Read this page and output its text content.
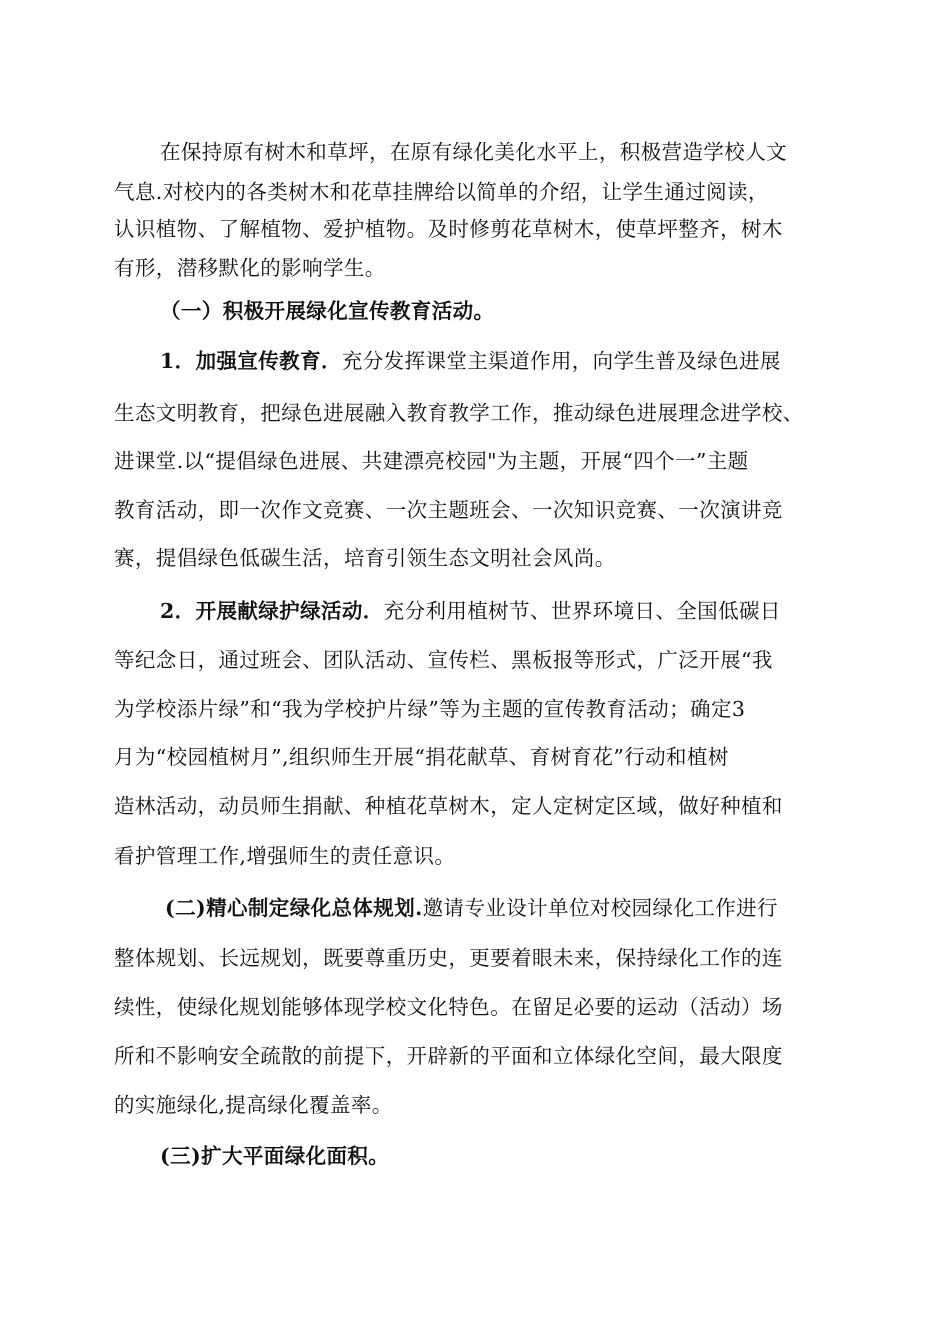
在保持原有树木和草坪，在原有绿化美化水平上，积极营造学校人文
气息.对校内的各类树木和花草挂牌给以简单的介绍，让学生通过阅读，
认识植物、了解植物、爱护植物。及时修剪花草树木，使草坪整齐，树木
有形，潜移默化的影响学生。
（一）积极开展绿化宣传教育活动。
1．加强宣传教育．充分发挥课堂主渠道作用，向学生普及绿色进展
生态文明教育，把绿色进展融入教育教学工作，推动绿色进展理念进学校、
进课堂.以“提倡绿色进展、共建漂亮校园"为主题，开展“四个一”主题
教育活动，即一次作文竞赛、一次主题班会、一次知识竞赛、一次演讲竞
赛，提倡绿色低碳生活，培育引领生态文明社会风尚。
2．开展献绿护绿活动．充分利用植树节、世界环境日、全国低碳日
等纪念日，通过班会、团队活动、宣传栏、黑板报等形式，广泛开展“我
为学校添片绿”和“我为学校护片绿”等为主题的宣传教育活动；确定3
月为“校园植树月”,组织师生开展“捐花献草、育树育花”行动和植树
造林活动，动员师生捐献、种植花草树木，定人定树定区域，做好种植和
看护管理工作,增强师生的责任意识。
(二)精心制定绿化总体规划.邀请专业设计单位对校园绿化工作进行
整体规划、长远规划，既要尊重历史，更要着眼未来，保持绿化工作的连
续性，使绿化规划能够体现学校文化特色。在留足必要的运动（活动）场
所和不影响安全疏散的前提下，开辟新的平面和立体绿化空间，最大限度
的实施绿化,提高绿化覆盖率。
(三)扩大平面绿化面积。
